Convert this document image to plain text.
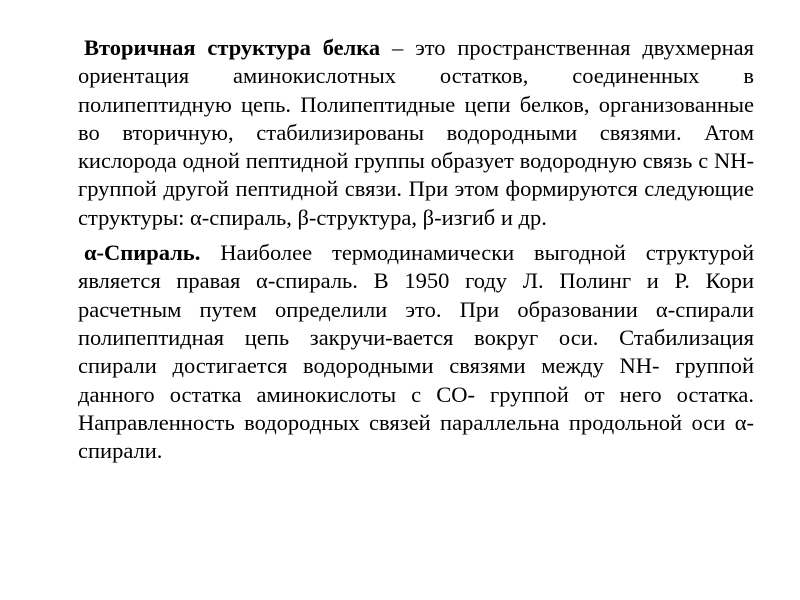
Вторичная структура белка – это пространственная двухмерная ориентация аминокислотных остатков, соединенных в полипептидную цепь. Полипептидные цепи белков, организованные во вторичную, стабилизированы водородными связями. Атом кислорода одной пептидной группы образует водородную связь с NH- группой другой пептидной связи. При этом формируются следующие структуры: α-спираль, β-структура, β-изгиб и др.

α-Спираль. Наиболее термодинамически выгодной структурой является правая α-спираль. В 1950 году Л. Полинг и Р. Кори расчетным путем определили это. При образовании α-спирали полипептидная цепь закручи-вается вокруг оси. Стабилизация спирали достигается водородными связями между NH- группой данного остатка аминокислоты с СО- группой от него остатка. Направленность водородных связей параллельна продольной оси α-спирали.
